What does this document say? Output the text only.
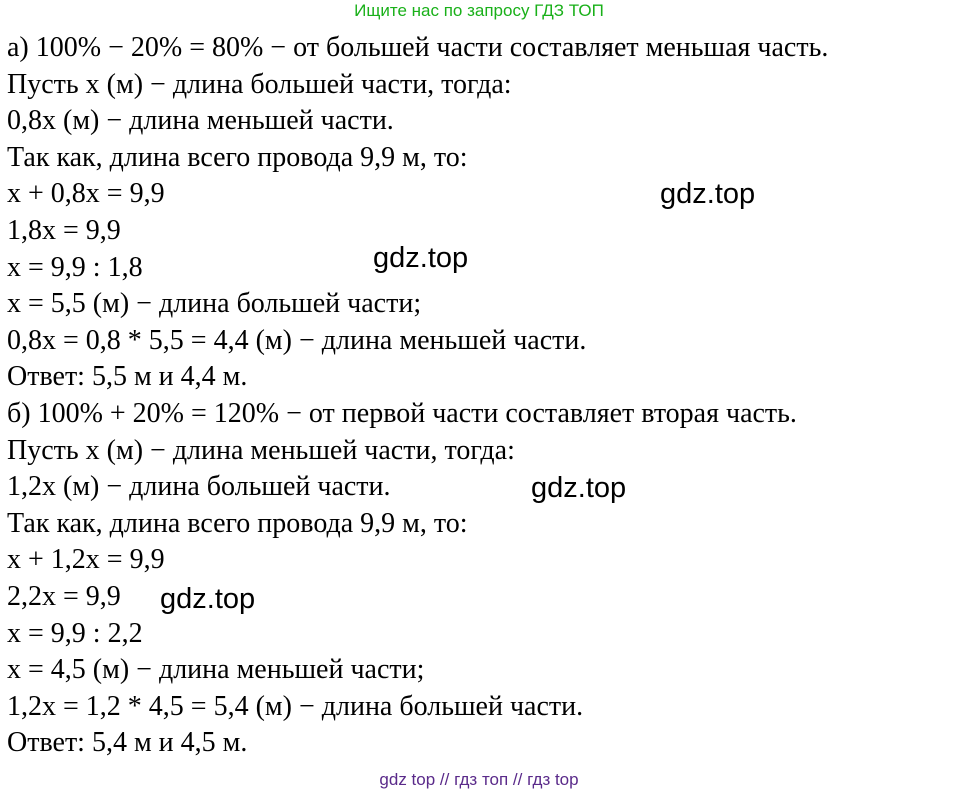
Ищите нас по запросу ГДЗ ТОП
а) 100% − 20% = 80% − от большей части составляет меньшая часть.
Пусть х (м) − длина большей части, тогда:
0,8х (м) − длина меньшей части.
Так как, длина всего провода 9,9 м, то:
х + 0,8х = 9,9
1,8х = 9,9
х = 9,9 : 1,8
х = 5,5 (м) − длина большей части;
0,8х = 0,8 * 5,5 = 4,4 (м) − длина меньшей части.
Ответ: 5,5 м и 4,4 м.
б) 100% + 20% = 120% − от первой части составляет вторая часть.
Пусть х (м) − длина меньшей части, тогда:
1,2х (м) − длина большей части.
Так как, длина всего провода 9,9 м, то:
х + 1,2х = 9,9
2,2х = 9,9
х = 9,9 : 2,2
х = 4,5 (м) − длина меньшей части;
1,2х = 1,2 * 4,5 = 5,4 (м) − длина большей части.
Ответ: 5,4 м и 4,5 м.
gdz.top
gdz.top
gdz.top
gdz.top
gdz top // гдз топ // гдз top
